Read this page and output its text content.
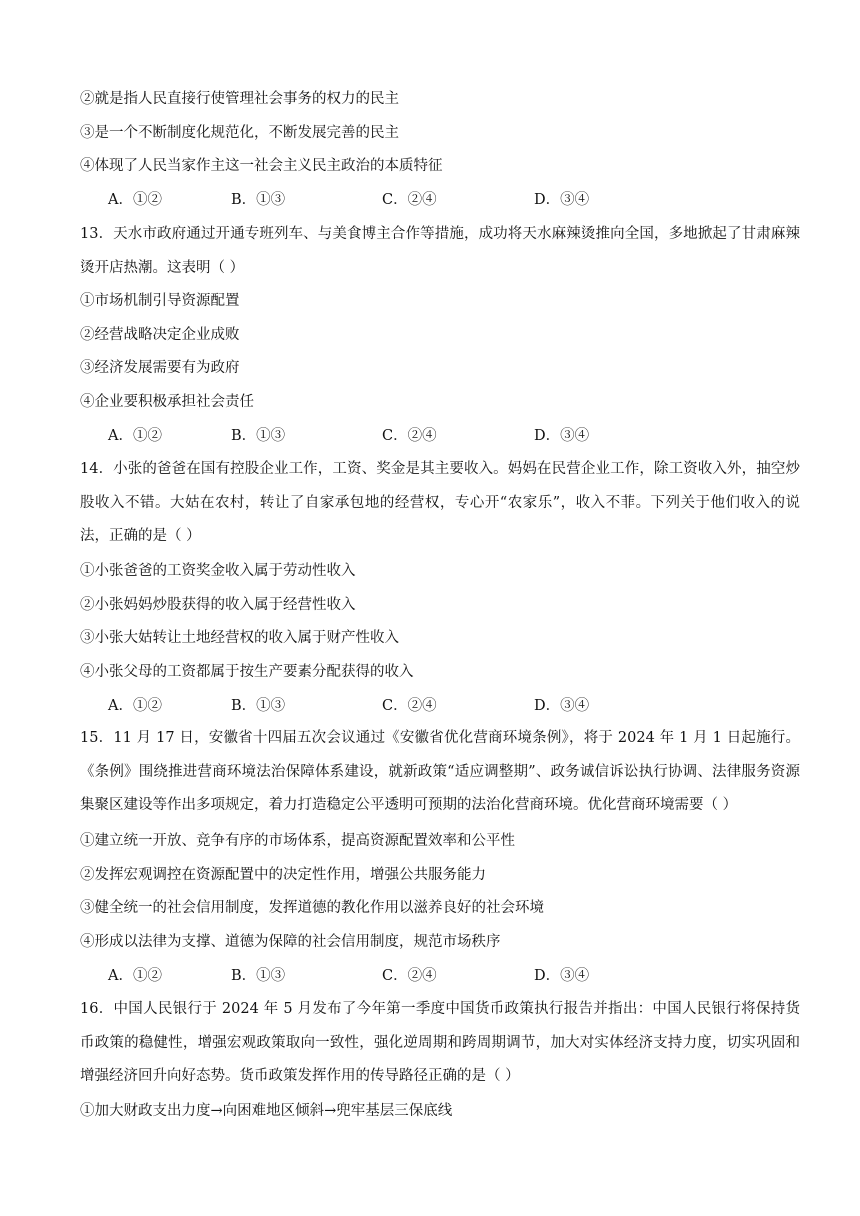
②就是指人民直接行使管理社会事务的权力的民主
③是一个不断制度化规范化，不断发展完善的民主
④体现了人民当家作主这一社会主义民主政治的本质特征
A．①②	B．①③	C．②④	D．③④
13．天水市政府通过开通专班列车、与美食博主合作等措施，成功将天水麻辣烫推向全国，多地掀起了甘肃麻辣烫开店热潮。这表明（ ）
①市场机制引导资源配置
②经营战略决定企业成败
③经济发展需要有为政府
④企业要积极承担社会责任
A．①②	B．①③	C．②④	D．③④
14．小张的爸爸在国有控股企业工作，工资、奖金是其主要收入。妈妈在民营企业工作，除工资收入外，抽空炒股收入不错。大姑在农村，转让了自家承包地的经营权，专心开“农家乐”，收入不菲。下列关于他们收入的说法，正确的是（ ）
①小张爸爸的工资奖金收入属于劳动性收入
②小张妈妈炒股获得的收入属于经营性收入
③小张大姑转让土地经营权的收入属于财产性收入
④小张父母的工资都属于按生产要素分配获得的收入
A．①②	B．①③	C．②④	D．③④
15．11 月 17 日，安徽省十四届五次会议通过《安徽省优化营商环境条例》，将于 2024 年 1 月 1 日起施行。《条例》围绕推进营商环境法治保障体系建设，就新政策“适应调整期”、政务诚信诉讼执行协调、法律服务资源集聚区建设等作出多项规定，着力打造稳定公平透明可预期的法治化营商环境。优化营商环境需要（ ）
①建立统一开放、竞争有序的市场体系，提高资源配置效率和公平性
②发挥宏观调控在资源配置中的决定性作用，增强公共服务能力
③健全统一的社会信用制度，发挥道德的教化作用以滋养良好的社会环境
④形成以法律为支撑、道德为保障的社会信用制度，规范市场秩序
A．①②	B．①③	C．②④	D．③④
16．中国人民银行于 2024 年 5 月发布了今年第一季度中国货币政策执行报告并指出：中国人民银行将保持货币政策的稳健性，增强宏观政策取向一致性，强化逆周期和跨周期调节，加大对实体经济支持力度，切实巩固和增强经济回升向好态势。货币政策发挥作用的传导路径正确的是（ ）
①加大财政支出力度→向困难地区倾斜→兜牢基层三保底线
